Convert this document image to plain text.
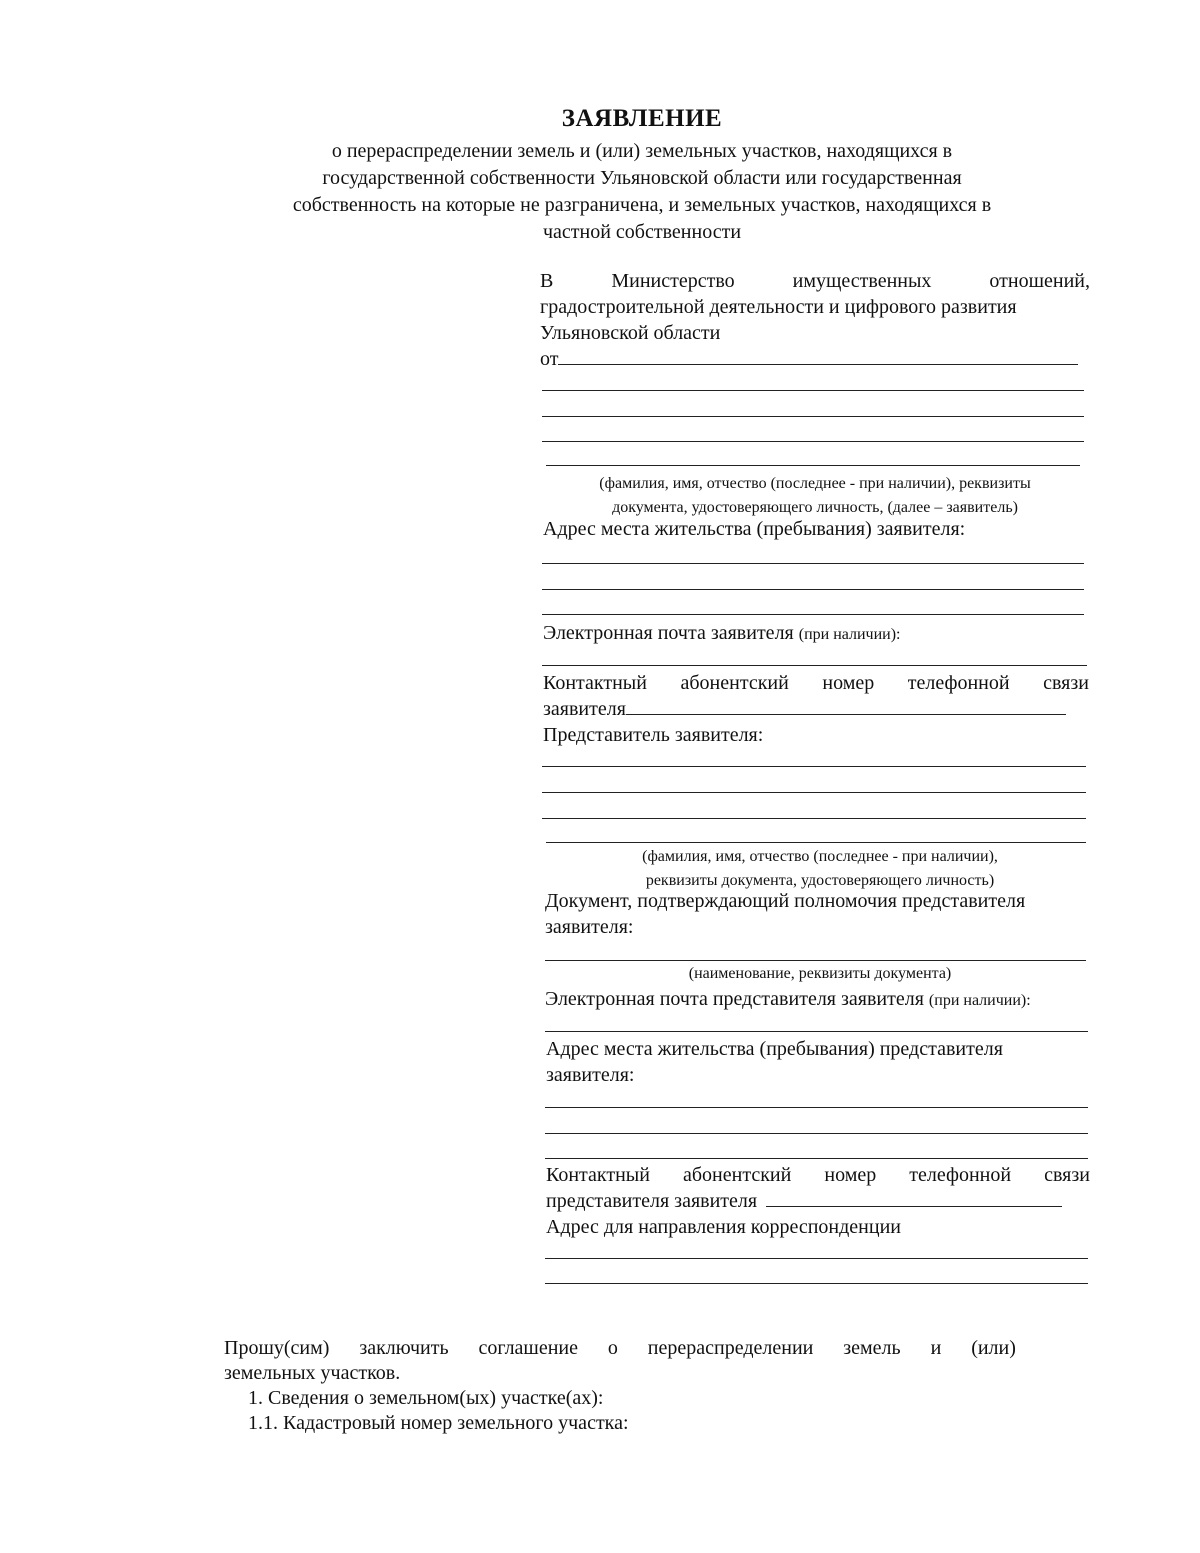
ЗАЯВЛЕНИЕ
о перераспределении земель и (или) земельных участков, находящихся в
государственной собственности Ульяновской области или государственная
собственность на которые не разграничена, и земельных участков, находящихся в
частной собственности
В	Министерство	имущественных	отношений,
градостроительной деятельности и цифрового развития
Ульяновской области
от
(фамилия, имя, отчество (последнее - при наличии), реквизиты
документа, удостоверяющего личность, (далее – заявитель)
Адрес места жительства (пребывания) заявителя:
Электронная почта заявителя (при наличии):
Контактный абонентский номер телефонной связи
заявителя
Представитель заявителя:
(фамилия, имя, отчество (последнее - при наличии),
реквизиты документа, удостоверяющего личность)
Документ, подтверждающий полномочия представителя
заявителя:
(наименование, реквизиты документа)
Электронная почта представителя заявителя (при наличии):
Адрес места жительства (пребывания) представителя
заявителя:
Контактный абонентский номер телефонной связи
представителя заявителя
Адрес для направления корреспонденции
Прошу(сим) заключить соглашение о перераспределении земель и (или)
земельных участков.
1. Сведения о земельном(ых) участке(ах):
1.1. Кадастровый номер земельного участка:
